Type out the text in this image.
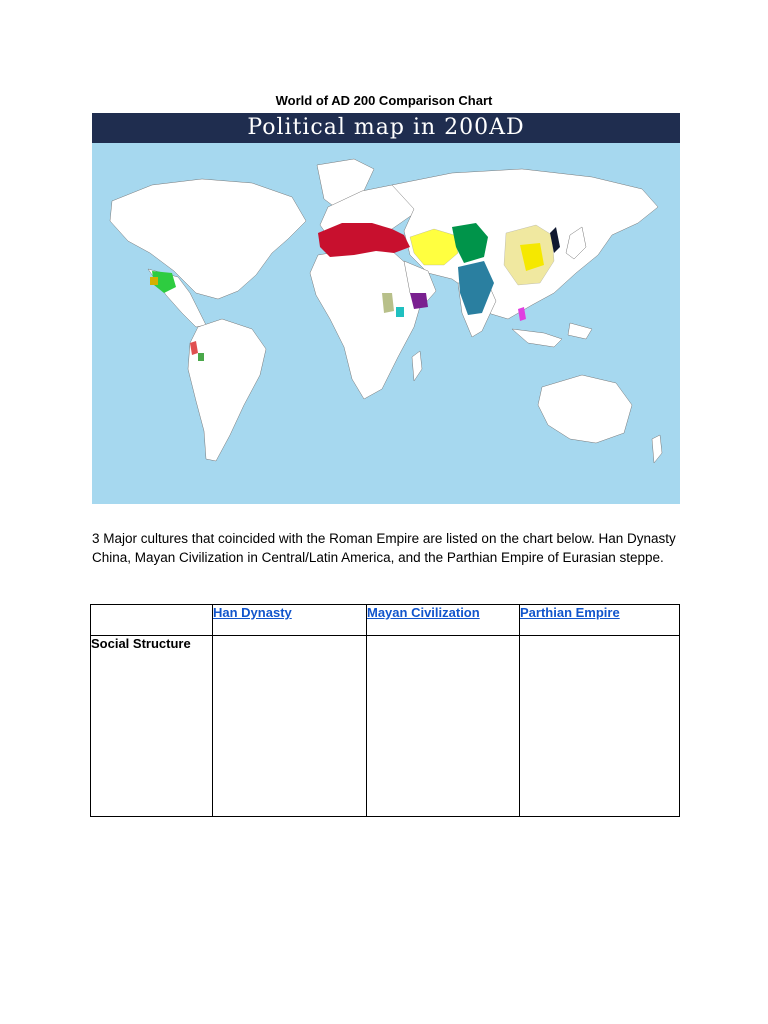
World of AD 200 Comparison Chart
Political map in 200AD

3 Major cultures that coincided with the Roman Empire are listed on the chart below. Han Dynasty China, Mayan Civilization in Central/Latin America, and the Parthian Empire of Eurasian steppe.

	Han Dynasty	Mayan Civilization	Parthian Empire
Social Structure			
